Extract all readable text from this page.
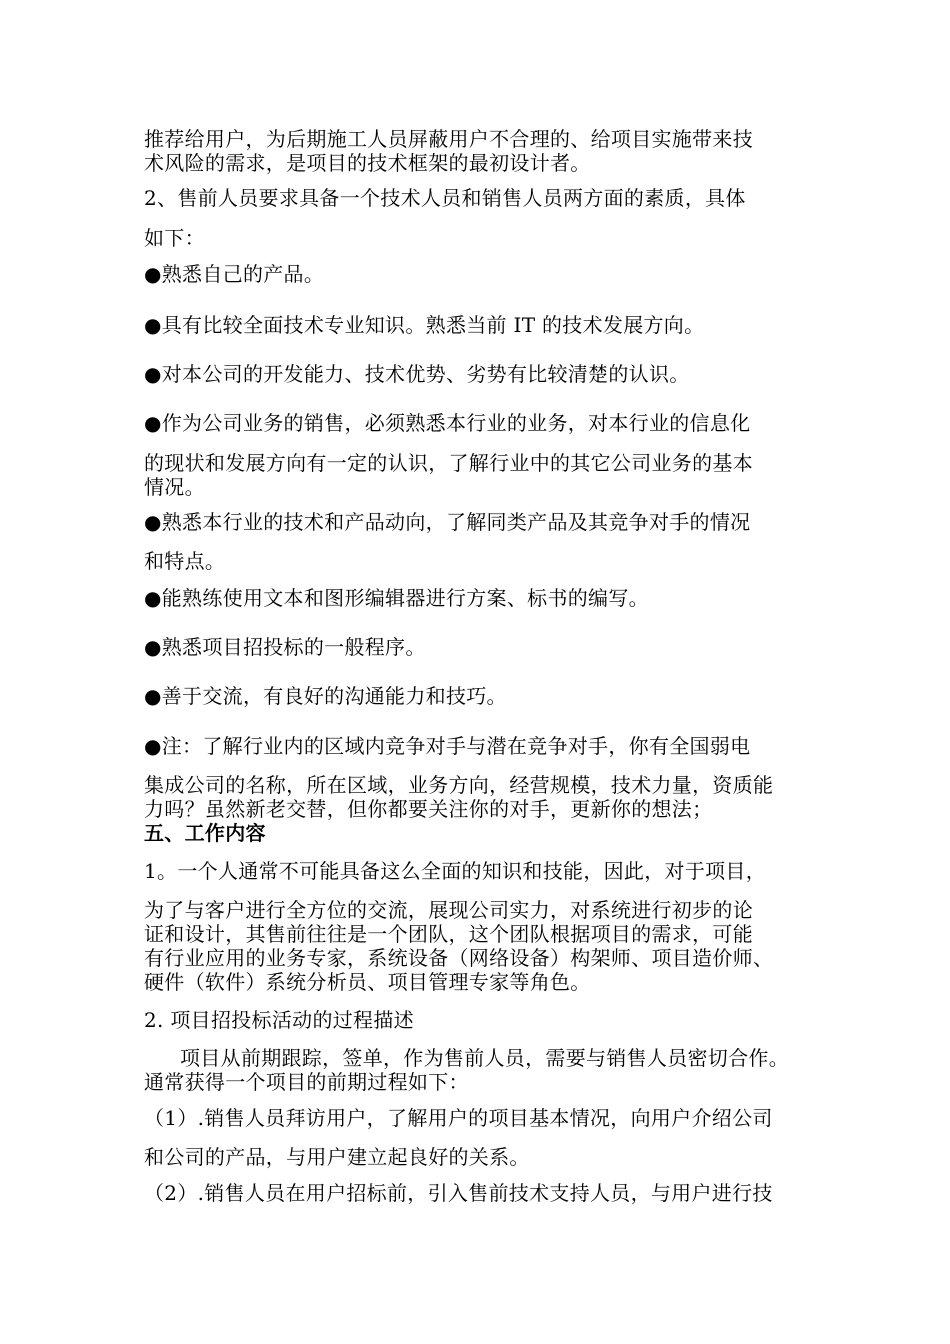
推荐给用户，为后期施工人员屏蔽用户不合理的、给项目实施带来技
术风险的需求，是项目的技术框架的最初设计者。
2、售前人员要求具备一个技术人员和销售人员两方面的素质，具体
如下：
●熟悉自己的产品。
●具有比较全面技术专业知识。熟悉当前 IT 的技术发展方向。
●对本公司的开发能力、技术优势、劣势有比较清楚的认识。
●作为公司业务的销售，必须熟悉本行业的业务，对本行业的信息化
的现状和发展方向有一定的认识，了解行业中的其它公司业务的基本
情况。
●熟悉本行业的技术和产品动向，了解同类产品及其竞争对手的情况
和特点。
●能熟练使用文本和图形编辑器进行方案、标书的编写。
●熟悉项目招投标的一般程序。
●善于交流，有良好的沟通能力和技巧。
●注：了解行业内的区域内竞争对手与潜在竞争对手，你有全国弱电
集成公司的名称，所在区域，业务方向，经营规模，技术力量，资质能
力吗？虽然新老交替，但你都要关注你的对手，更新你的想法；
五、工作内容
1。一个人通常不可能具备这么全面的知识和技能，因此，对于项目，
为了与客户进行全方位的交流，展现公司实力，对系统进行初步的论
证和设计，其售前往往是一个团队，这个团队根据项目的需求，可能
有行业应用的业务专家，系统设备（网络设备）构架师、项目造价师、
硬件（软件）系统分析员、项目管理专家等角色。
2. 项目招投标活动的过程描述
项目从前期跟踪，签单，作为售前人员，需要与销售人员密切合作。
通常获得一个项目的前期过程如下：
（1）.销售人员拜访用户，了解用户的项目基本情况，向用户介绍公司
和公司的产品，与用户建立起良好的关系。
（2）.销售人员在用户招标前，引入售前技术支持人员，与用户进行技
